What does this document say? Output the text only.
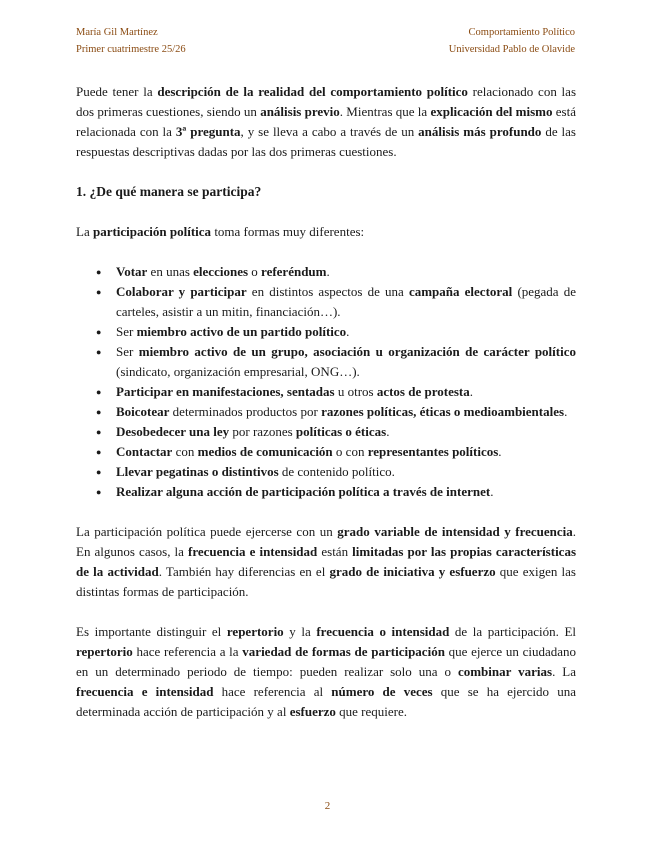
María Gil Martínez	Comportamiento Político
Primer cuatrimestre 25/26	Universidad Pablo de Olavide

Puede tener la descripción de la realidad del comportamiento político relacionado con las dos primeras cuestiones, siendo un análisis previo. Mientras que la explicación del mismo está relacionada con la 3ª pregunta, y se lleva a cabo a través de un análisis más profundo de las respuestas descriptivas dadas por las dos primeras cuestiones.

1. ¿De qué manera se participa?

La participación política toma formas muy diferentes:

● Votar en unas elecciones o referéndum.
● Colaborar y participar en distintos aspectos de una campaña electoral (pegada de carteles, asistir a un mitin, financiación…).
● Ser miembro activo de un partido político.
● Ser miembro activo de un grupo, asociación u organización de carácter político (sindicato, organización empresarial, ONG…).
● Participar en manifestaciones, sentadas u otros actos de protesta.
● Boicotear determinados productos por razones políticas, éticas o medioambientales.
● Desobedecer una ley por razones políticas o éticas.
● Contactar con medios de comunicación o con representantes políticos.
● Llevar pegatinas o distintivos de contenido político.
● Realizar alguna acción de participación política a través de internet.

La participación política puede ejercerse con un grado variable de intensidad y frecuencia. En algunos casos, la frecuencia e intensidad están limitadas por las propias características de la actividad. También hay diferencias en el grado de iniciativa y esfuerzo que exigen las distintas formas de participación.

Es importante distinguir el repertorio y la frecuencia o intensidad de la participación. El repertorio hace referencia a la variedad de formas de participación que ejerce un ciudadano en un determinado periodo de tiempo: pueden realizar solo una o combinar varias. La frecuencia e intensidad hace referencia al número de veces que se ha ejercido una determinada acción de participación y al esfuerzo que requiere.

2
